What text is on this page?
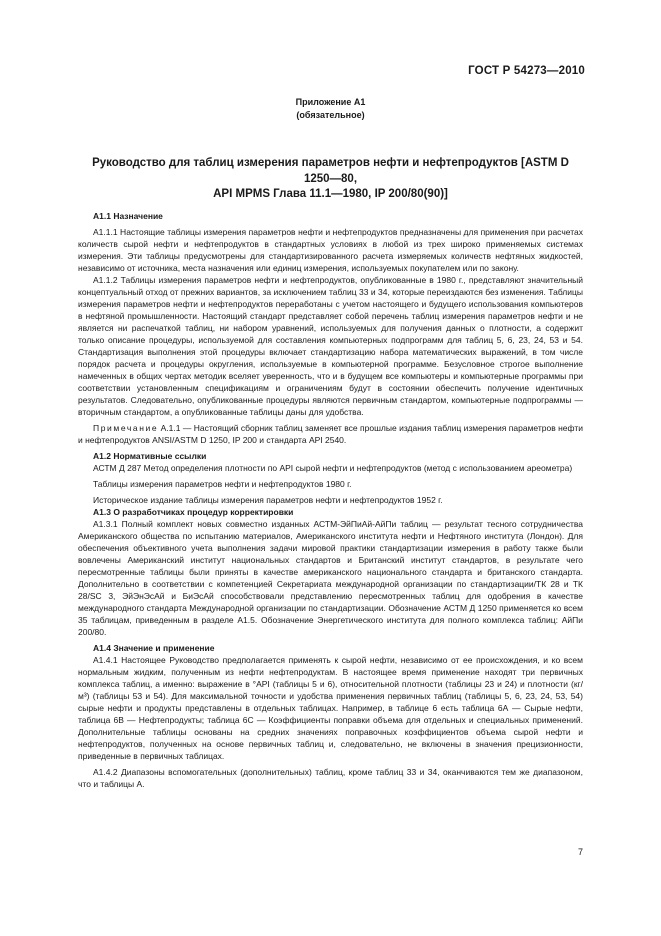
ГОСТ Р 54273—2010
Приложение А1
(обязательное)
Руководство для таблиц измерения параметров нефти и нефтепродуктов [ASTM D 1250—80,
API MPMS Глава 11.1—1980, IP 200/80(90)]
А1.1 Назначение

А1.1.1 Настоящие таблицы измерения параметров нефти и нефтепродуктов предназначены для применения при расчетах количеств сырой нефти и нефтепродуктов в стандартных условиях в любой из трех широко применяемых системах измерения. Эти таблицы предусмотрены для стандартизированного расчета измеряемых количеств нефтяных жидкостей, независимо от источника, места назначения или единиц измерения, используемых покупателем или по закону.

А1.1.2 Таблицы измерения параметров нефти и нефтепродуктов, опубликованные в 1980 г., представляют значительный концептуальный отход от прежних вариантов, за исключением таблиц 33 и 34, которые переиздаются без изменения. Таблицы измерения параметров нефти и нефтепродуктов переработаны с учетом настоящего и будущего использования компьютеров в нефтяной промышленности. Настоящий стандарт представляет собой перечень таблиц измерения параметров нефти и не является ни распечаткой таблиц, ни набором уравнений, используемых для получения данных о плотности, а содержит только описание процедуры, используемой для составления компьютерных подпрограмм для таблиц 5, 6, 23, 24, 53 и 54. Стандартизация выполнения этой процедуры включает стандартизацию набора математических выражений, в том числе порядок расчета и процедуры округления, используемые в компьютерной программе. Безусловное строгое выполнение намеченных в общих чертах методик вселяет уверенность, что и в будущем все компьютеры и компьютерные программы при соответствии установленным спецификациям и ограничениям будут в состоянии обеспечить получение идентичных результатов. Следовательно, опубликованные процедуры являются первичным стандартом, компьютерные подпрограммы — вторичным стандартом, а опубликованные таблицы даны для удобства.

Примечание А.1.1 — Настоящий сборник таблиц заменяет все прошлые издания таблиц измерения параметров нефти и нефтепродуктов ANSI/ASTM D 1250, IP 200 и стандарта API 2540.

А1.2 Нормативные ссылки

АСТМ Д 287 Метод определения плотности по API сырой нефти и нефтепродуктов (метод с использованием ареометра)

Таблицы измерения параметров нефти и нефтепродуктов 1980 г.

Историческое издание таблицы измерения параметров нефти и нефтепродуктов 1952 г.

А1.3 О разработчиках процедур корректировки

А1.3.1 Полный комплект новых совместно изданных АСТМ-ЭйПиАй-АйПи таблиц — результат тесного сотрудничества Американского общества по испытанию материалов, Американского института нефти и Нефтяного института (Лондон). Для обеспечения объективного учета выполнения задачи мировой практики стандартизации измерения в работу также были вовлечены Американский институт национальных стандартов и Британский институт стандартов, в результате чего пересмотренные таблицы были приняты в качестве американского национального стандарта и британского стандарта. Дополнительно в соответствии с компетенцией Секретариата международной организации по стандартизации/ТК 28 и ТК 28/SC 3, ЭйЭнЭсАй и БиЭсАй способствовали представлению пересмотренных таблиц для одобрения в качестве международного стандарта Международной организации по стандартизации. Обозначение АСТМ Д 1250 применяется ко всем 35 таблицам, приведенным в разделе А1.5. Обозначение Энергетического института для полного комплекса таблиц: АйПи 200/80.

А1.4 Значение и применение

А1.4.1 Настоящее Руководство предполагается применять к сырой нефти, независимо от ее происхождения, и ко всем нормальным жидким, полученным из нефти нефтепродуктам. В настоящее время применение находят три первичных комплекса таблиц, а именно: выражение в °API (таблицы 5 и 6), относительной плотности (таблицы 23 и 24) и плотности (кг/м³) (таблицы 53 и 54). Для максимальной точности и удобства применения первичных таблиц (таблицы 5, 6, 23, 24, 53, 54) сырые нефти и продукты представлены в отдельных таблицах. Например, в таблице 6 есть таблица 6А — Сырые нефти, таблица 6В — Нефтепродукты; таблица 6С — Коэффициенты поправки объема для отдельных и специальных применений. Дополнительные таблицы основаны на средних значениях поправочных коэффициентов объема сырой нефти и нефтепродуктов, полученных на основе первичных таблиц и, следовательно, не включены в значения прецизионности, приведенные в первичных таблицах.

А1.4.2 Диапазоны вспомогательных (дополнительных) таблиц, кроме таблиц 33 и 34, оканчиваются тем же диапазоном, что и таблицы А.

7
